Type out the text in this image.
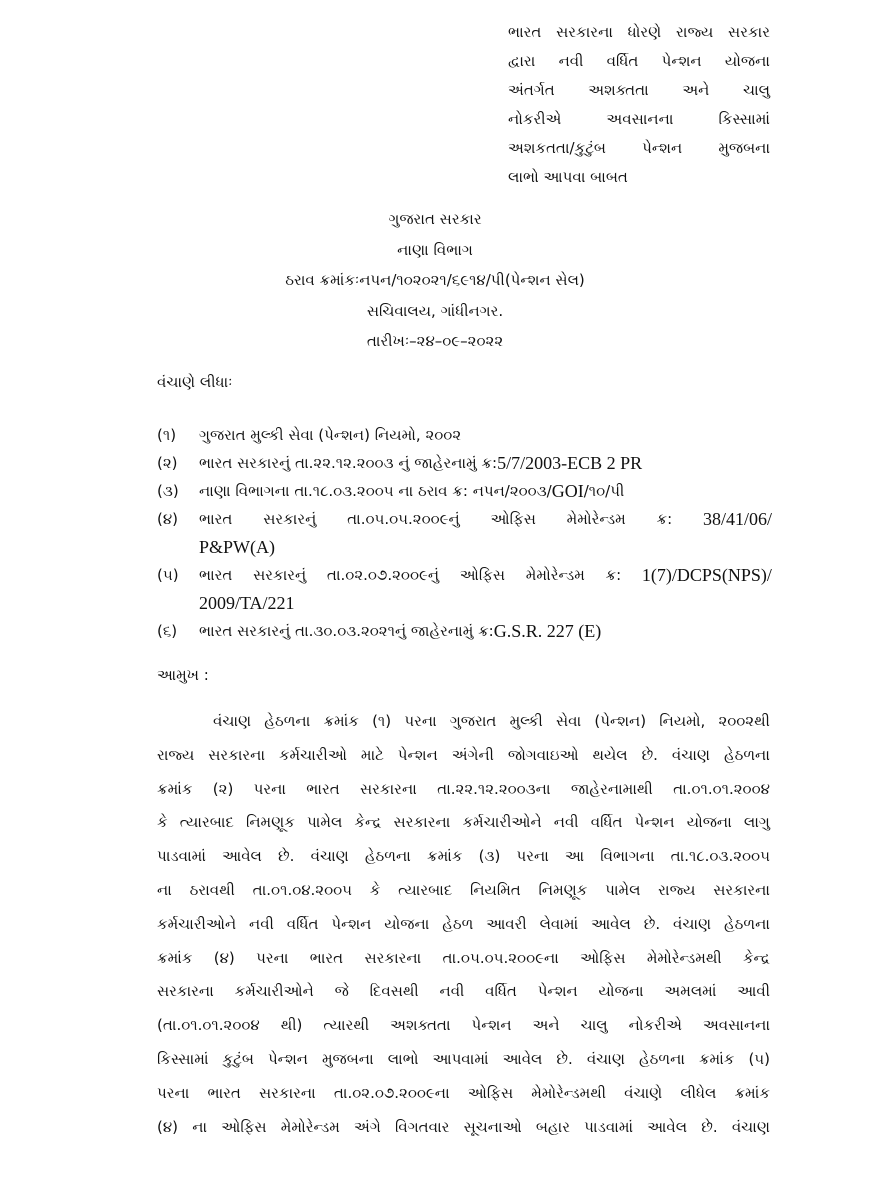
ભારત સરકારના ધોરણે રાજ્ય સરકાર
દ્વારા નવી વર્ધિત પેન્શન યોજના
અંતર્ગત અશક્તતા અને ચાલુ
નોકરીએ	અવસાનના	કિસ્સામાં
અશકતતા/કુટુંબ પેન્શન મુજબના
લાભો આપવા બાબત
ગુજરાત સરકાર
નાણા વિભાગ
ઠરાવ ક્રમાંકઃનપન/૧૦૨૦૨૧/૬૯૧૪/પી(પેન્શન સેલ)
સચિવાલય, ગાંધીનગર.
તારીખઃ–૨૪–૦૯–૨૦૨૨
વંચાણે લીધાઃ
(૧)	ગુજરાત મુલ્કી સેવા (પેન્શન) નિયમો, ૨૦૦૨
(૨)	ભારત સરકારનું તા.૨૨.૧૨.૨૦૦૩ નું જાહેરનામું ક્ર: 5/7/2003-ECB 2 PR
(૩)	નાણા વિભાગના તા.૧૮.૦૩.૨૦૦૫ ના ઠરાવ ક્ર: નપન/૨૦૦૩/ GOI /૧૦/પી
(૪)	ભારત સરકારનું તા.૦૫.૦૫.૨૦૦૯નું ઓફિસ મેમોરેન્ડમ ક્ર: 38/41/06/
P&PW(A)
(૫)	ભારત સરકારનું તા.૦૨.૦૭.૨૦૦૯નું ઓફિસ મેમોરેન્ડમ ક્ર: 1(7)/DCPS(NPS)/
2009/TA/221
(૬)	ભારત સરકારનું તા.૩૦.૦૩.૨૦૨૧નું જાહેરનામું ક્ર: G.S.R. 227 (E)
આમુખ :
વંચાણ હેઠળના ક્રમાંક (૧) પરના ગુજરાત મુલ્કી સેવા (પેન્શન) નિયમો, ૨૦૦૨થી
રાજ્ય સરકારના કર્મચારીઓ માટે પેન્શન અંગેની જોગવાઇઓ થયેલ છે. વંચાણ હેઠળના
ક્રમાંક (૨) પરના ભારત સરકારના તા.૨૨.૧૨.૨૦૦૩ના જાહેરનામાથી તા.૦૧.૦૧.૨૦૦૪
કે ત્યારબાદ નિમણૂક પામેલ કેન્દ્ર સરકારના કર્મચારીઓને નવી વર્ધિત પેન્શન યોજના લાગુ
પાડવામાં આવેલ છે. વંચાણ હેઠળના ક્રમાંક (૩) પરના આ વિભાગના તા.૧૮.૦૩.૨૦૦૫
ના ઠરાવથી તા.૦૧.૦૪.૨૦૦૫ કે ત્યારબાદ નિયમિત નિમણૂક પામેલ રાજ્ય સરકારના
કર્મચારીઓને નવી વર્ધિત પેન્શન યોજના હેઠળ આવરી લેવામાં આવેલ છે. વંચાણ હેઠળના
ક્રમાંક (૪) પરના ભારત સરકારના તા.૦૫.૦૫.૨૦૦૯ના ઓફિસ મેમોરેન્ડમથી કેન્દ્ર
સરકારના કર્મચારીઓને જે દિવસથી નવી વર્ધિત પેન્શન યોજના અમલમાં આવી
(તા.૦૧.૦૧.૨૦૦૪ થી) ત્યારથી અશક્તતા પેન્શન અને ચાલુ નોકરીએ અવસાનના
કિસ્સામાં કુટુંબ પેન્શન મુજબના લાભો આપવામાં આવેલ છે. વંચાણ હેઠળના ક્રમાંક (૫)
પરના ભારત સરકારના તા.૦૨.૦૭.૨૦૦૯ના ઓફિસ મેમોરેન્ડમથી વંચાણે લીધેલ ક્રમાંક
(૪) ના ઓફિસ મેમોરેન્ડમ અંગે વિગતવાર સૂચનાઓ બહાર પાડવામાં આવેલ છે. વંચાણ
